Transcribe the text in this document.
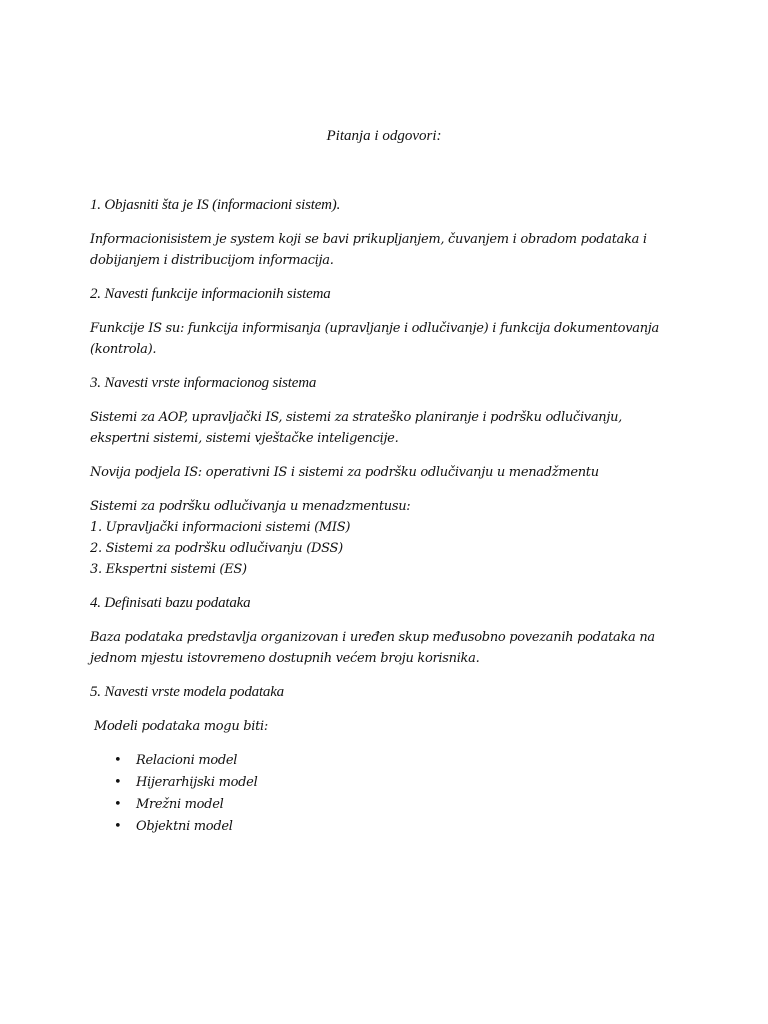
Pitanja i odgovori:
1. Objasniti šta je IS (informacioni sistem).
Informacionisistem je system koji se bavi prikupljanjem, čuvanjem i obradom podataka i
dobijanjem i distribucijom informacija.
2. Navesti funkcije informacionih sistema
Funkcije IS su: funkcija informisanja (upravljanje i odlučivanje) i funkcija dokumentovanja
(kontrola).
3. Navesti vrste informacionog sistema
Sistemi za AOP, upravljački IS, sistemi za strateško planiranje i podršku odlučivanju,
ekspertni sistemi, sistemi vještačke inteligencije.
Novija podjela IS: operativni IS i sistemi za podršku odlučivanju u menadžmentu
Sistemi za podršku odlučivanja u menadzmentusu:
1. Upravljački informacioni sistemi (MIS)
2. Sistemi za podršku odlučivanju (DSS)
3. Ekspertni sistemi (ES)
4. Definisati bazu podataka
Baza podataka predstavlja organizovan i uređen skup međusobno povezanih podataka na
jednom mjestu istovremeno dostupnih većem broju korisnika.
5. Navesti vrste modela podataka
Modeli podataka mogu biti:
• Relacioni model
• Hijerarhijski model
• Mrežni model
• Objektni model
